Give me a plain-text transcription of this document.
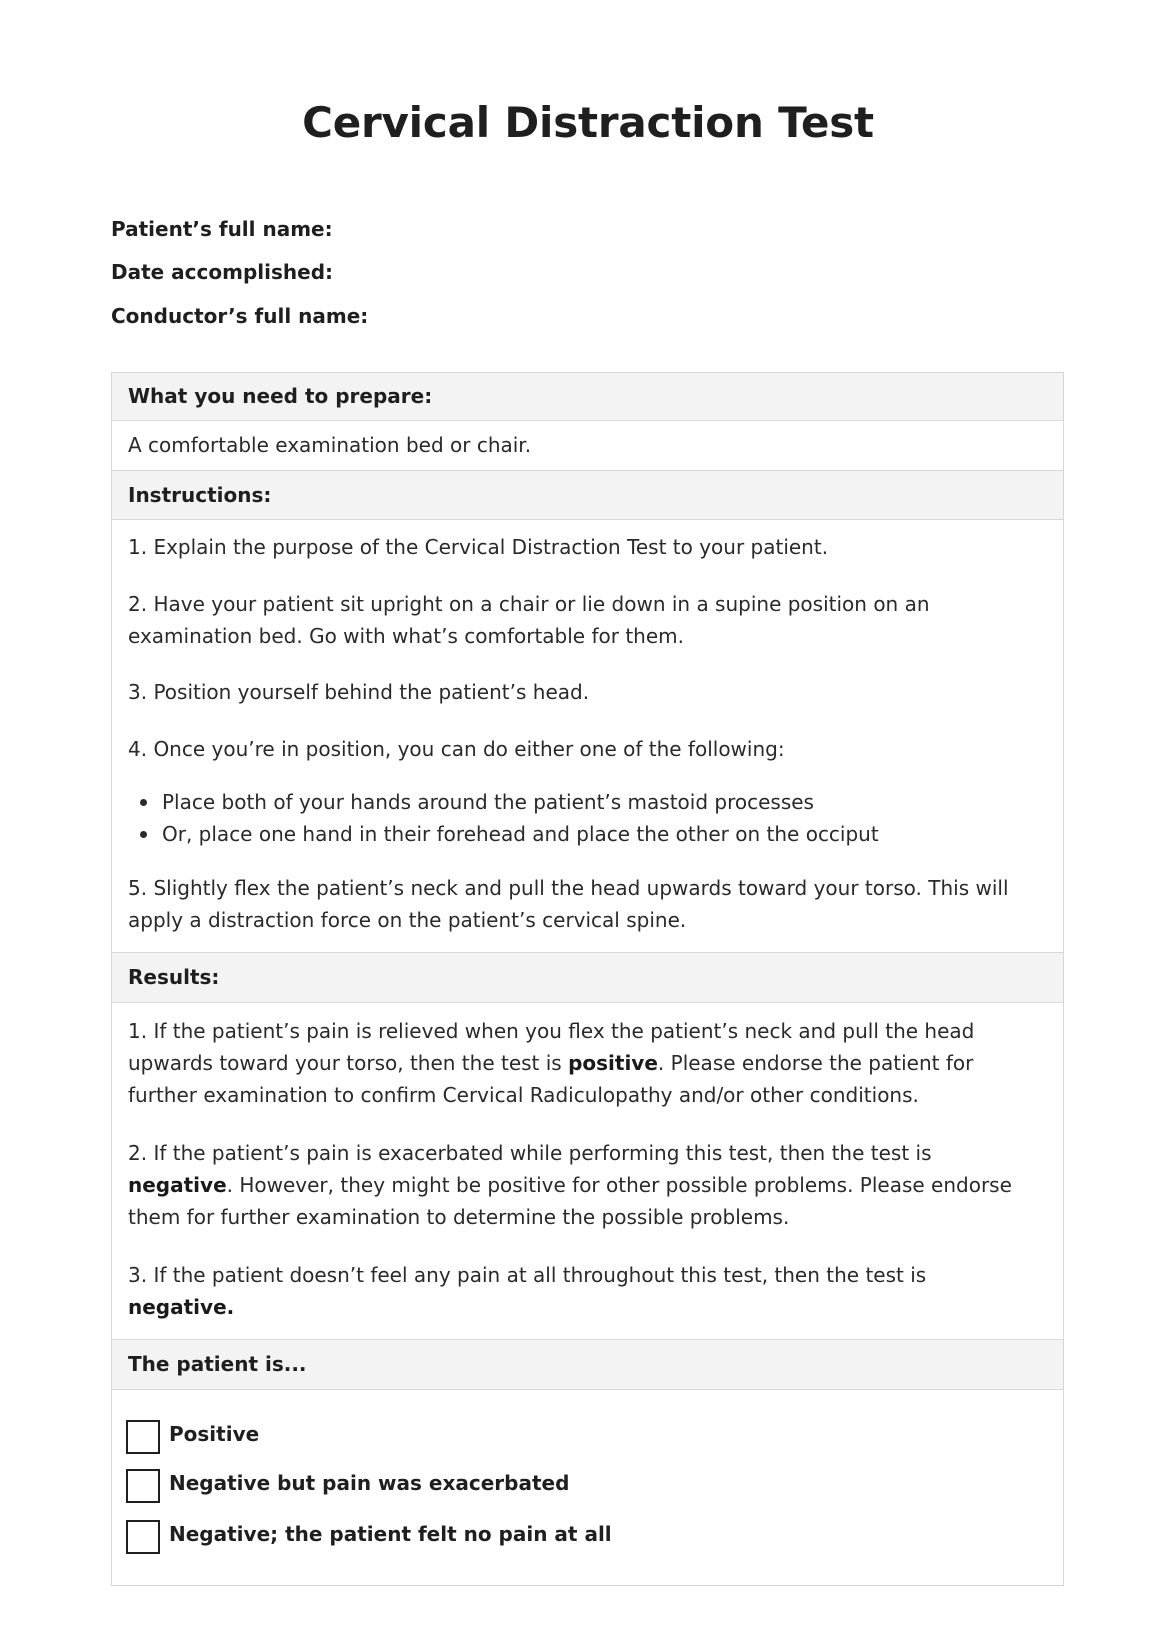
Cervical Distraction Test
Patient’s full name:
Date accomplished:
Conductor’s full name:
What you need to prepare:
A comfortable examination bed or chair.
Instructions:
1. Explain the purpose of the Cervical Distraction Test to your patient.
2. Have your patient sit upright on a chair or lie down in a supine position on an examination bed. Go with what’s comfortable for them.
3. Position yourself behind the patient’s head.
4. Once you’re in position, you can do either one of the following:
Place both of your hands around the patient’s mastoid processes
Or, place one hand in their forehead and place the other on the occiput
5. Slightly flex the patient’s neck and pull the head upwards toward your torso. This will apply a distraction force on the patient’s cervical spine.
Results:
1. If the patient’s pain is relieved when you flex the patient’s neck and pull the head upwards toward your torso, then the test is positive. Please endorse the patient for further examination to confirm Cervical Radiculopathy and/or other conditions.
2. If the patient’s pain is exacerbated while performing this test, then the test is negative. However, they might be positive for other possible problems. Please endorse them for further examination to determine the possible problems.
3. If the patient doesn’t feel any pain at all throughout this test, then the test is negative.
The patient is...
Positive
Negative but pain was exacerbated
Negative; the patient felt no pain at all
